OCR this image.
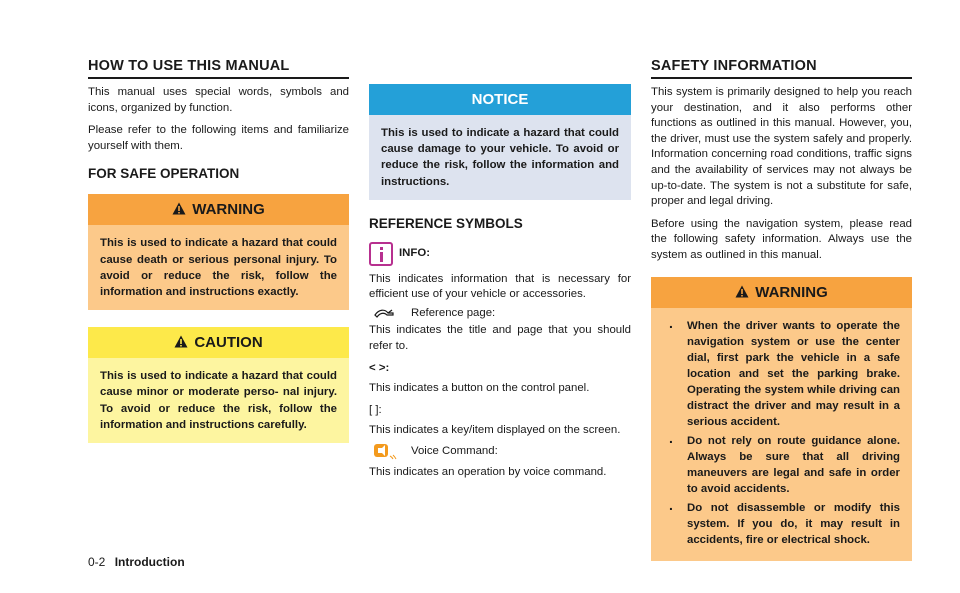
HOW TO USE THIS MANUAL

This manual uses special words, symbols and icons, organized by function.

Please refer to the following items and familiarize yourself with them.

FOR SAFE OPERATION
WARNING
This is used to indicate a hazard that could cause death or serious personal injury. To avoid or reduce the risk, follow the information and instructions exactly.
CAUTION
This is used to indicate a hazard that could cause minor or moderate perso- nal injury. To avoid or reduce the risk, follow the information and instructions carefully.
NOTICE
This is used to indicate a hazard that could cause damage to your vehicle. To avoid or reduce the risk, follow the information and instructions.
REFERENCE SYMBOLS
INFO:

This indicates information that is necessary for efficient use of your vehicle or accessories.

Reference page:

This indicates the title and page that you should refer to.

< >:

This indicates a button on the control panel.

[ ]:

This indicates a key/item displayed on the screen.

Voice Command:

This indicates an operation by voice command.

SAFETY INFORMATION

This system is primarily designed to help you reach your destination, and it also performs other functions as outlined in this manual. However, you, the driver, must use the system safely and properly. Information concerning road conditions, traffic signs and the availability of services may not always be up-to-date. The system is not a substitute for safe, proper and legal driving.

Before using the navigation system, please read the following safety information. Always use the system as outlined in this manual.

WARNING
. When the driver wants to operate the navigation system or use the center dial, first park the vehicle in a safe location and set the parking brake. Operating the system while driving can distract the driver and may result in a serious accident.
. Do not rely on route guidance alone. Always be sure that all driving maneuvers are legal and safe in order to avoid accidents.
. Do not disassemble or modify this system. If you do, it may result in accidents, fire or electrical shock.
0-2 Introduction
